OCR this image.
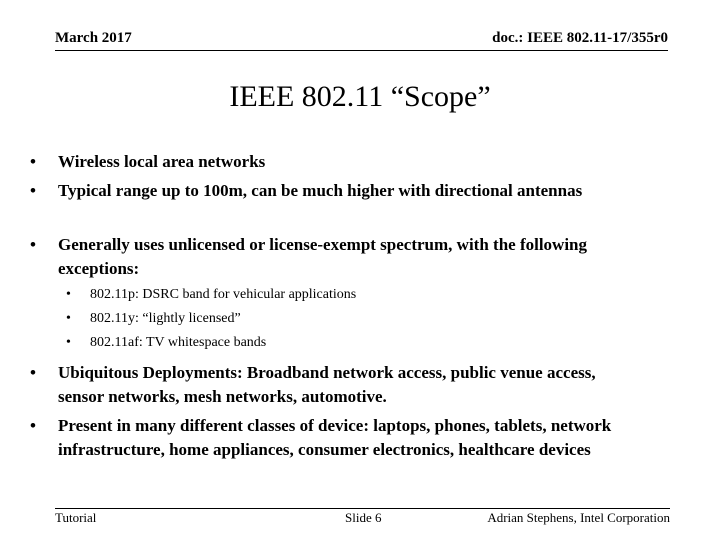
March 2017	doc.: IEEE 802.11-17/355r0
IEEE 802.11 “Scope”
•	Wireless local area networks
•	Typical range up to 100m, can be much higher with directional antennas
•	Generally uses unlicensed or license-exempt spectrum, with the following exceptions:
• 802.11p: DSRC band for vehicular applications
• 802.11y: “lightly licensed”
• 802.11af: TV whitespace bands
•	Ubiquitous Deployments: Broadband network access, public venue access, sensor networks, mesh networks, automotive.
•	Present in many different classes of device: laptops, phones, tablets, network infrastructure, home appliances, consumer electronics, healthcare devices
Tutorial	Slide 6	Adrian Stephens, Intel Corporation
